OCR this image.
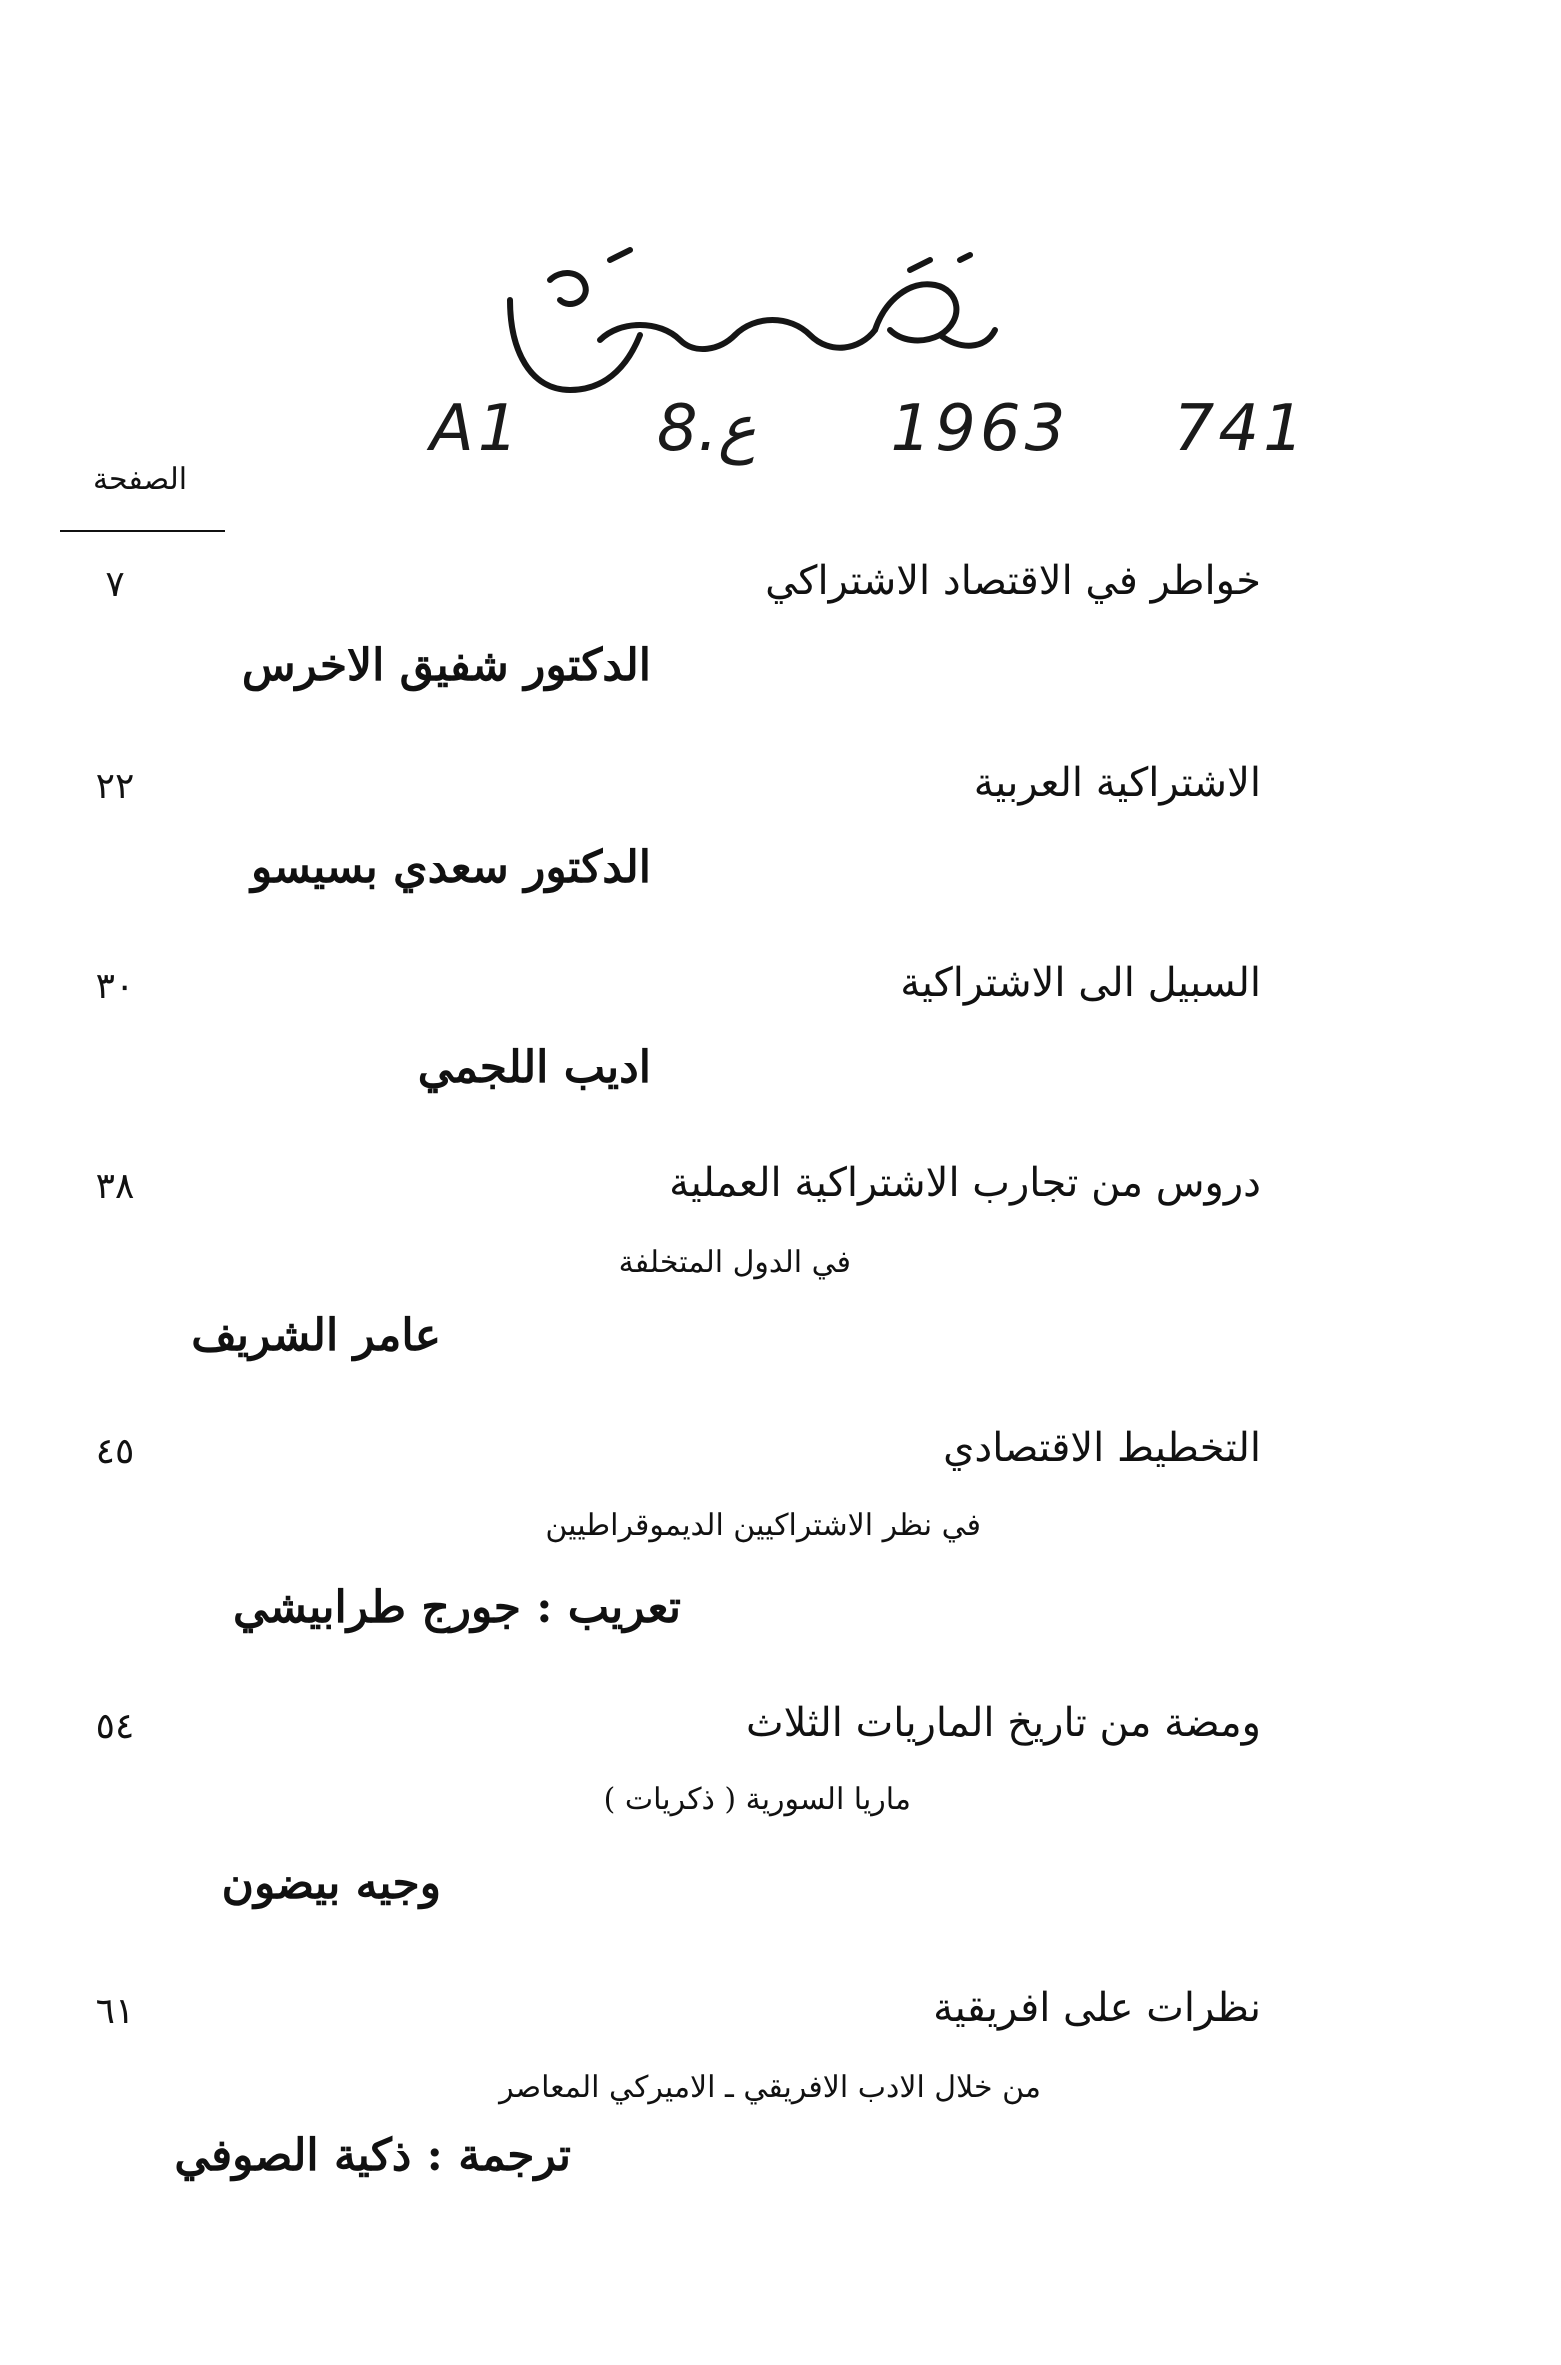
A1 8.ع 1963 741
الصفحة
خواطر في الاقتصاد الاشتراكي
الدكتور شفيق الاخرس
٧
الاشتراكية العربية
الدكتور سعدي بسيسو
٢٢
السبيل الى الاشتراكية
اديب اللجمي
٣٠
دروس من تجارب الاشتراكية العملية
في الدول المتخلفة
عامر الشريف
٣٨
التخطيط الاقتصادي
في نظر الاشتراكيين الديموقراطيين
تعريب : جورج طرابيشي
٤٥
ومضة من تاريخ الماريات الثلاث
ماريا السورية ( ذكريات )
وجيه بيضون
٥٤
نظرات على افريقية
من خلال الادب الافريقي ـ الاميركي المعاصر
ترجمة : ذكية الصوفي
٦١
